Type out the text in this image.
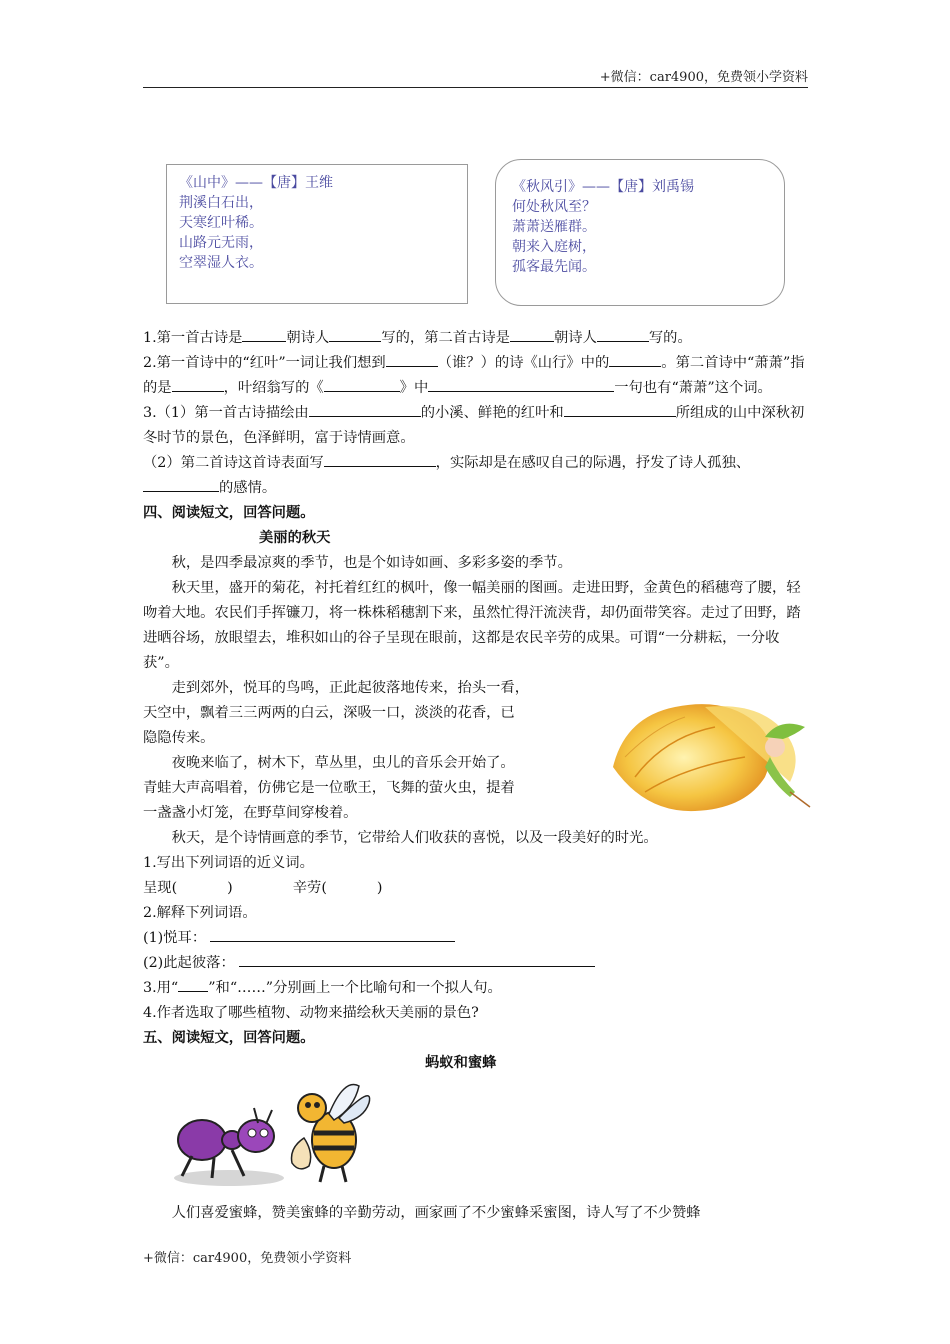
+微信：car4900，免费领小学资料
《山中》——【唐】王维
荆溪白石出，
天寒红叶稀。
山路元无雨，
空翠湿人衣。
《秋风引》——【唐】刘禹锡
何处秋风至？
萧萧送雁群。
朝来入庭树，
孤客最先闻。

1.第一首古诗是	朝诗人	写的，第二首古诗是	朝诗人	写的。

2.第一首诗中的“红叶”一词让我们想到	（谁？）的诗《山行》中的	。第二首诗中“萧萧”指的是	，叶绍翁写的《	》中	一句也有“萧萧”这个词。

3.（1）第一首古诗描绘由	的小溪、鲜艳的红叶和	所组成的山中深秋初冬时节的景色，色泽鲜明，富于诗情画意。

（2）第二首诗这首诗表面写	，实际却是在感叹自己的际遇，抒发了诗人孤独、的感情。

四、阅读短文，回答问题。

美丽的秋天

秋，是四季最凉爽的季节，也是个如诗如画、多彩多姿的季节。

秋天里，盛开的菊花，衬托着红红的枫叶，像一幅美丽的图画。走进田野，金黄色的稻穗弯了腰，轻吻着大地。农民们手挥镰刀，将一株株稻穗割下来，虽然忙得汗流浃背，却仍面带笑容。走过了田野，踏进晒谷场，放眼望去，堆积如山的谷子呈现在眼前，这都是农民辛劳的成果。可谓“一分耕耘，一分收获”。

走到郊外，悦耳的鸟鸣，正此起彼落地传来，抬头一看，
天空中，飘着三三两两的白云，深吸一口，淡淡的花香，已
隐隐传来。

夜晚来临了，树木下，草丛里，虫儿的音乐会开始了。
青蛙大声高唱着，仿佛它是一位歌王，飞舞的萤火虫，提着
一盏盏小灯笼，在野草间穿梭着。

秋天，是个诗情画意的季节，它带给人们收获的喜悦，以及一段美好的时光。

1.写出下列词语的近义词。

呈现(	)	辛劳(	)

2.解释下列词语。

(1)悦耳：

(2)此起彼落：

3.用“ ”和“……”分别画上一个比喻句和一个拟人句。

4.作者选取了哪些植物、动物来描绘秋天美丽的景色?

五、阅读短文，回答问题。

蚂蚁和蜜蜂

人们喜爱蜜蜂，赞美蜜蜂的辛勤劳动，画家画了不少蜜蜂采蜜图，诗人写了不少赞蜂

+微信：car4900，免费领小学资料
